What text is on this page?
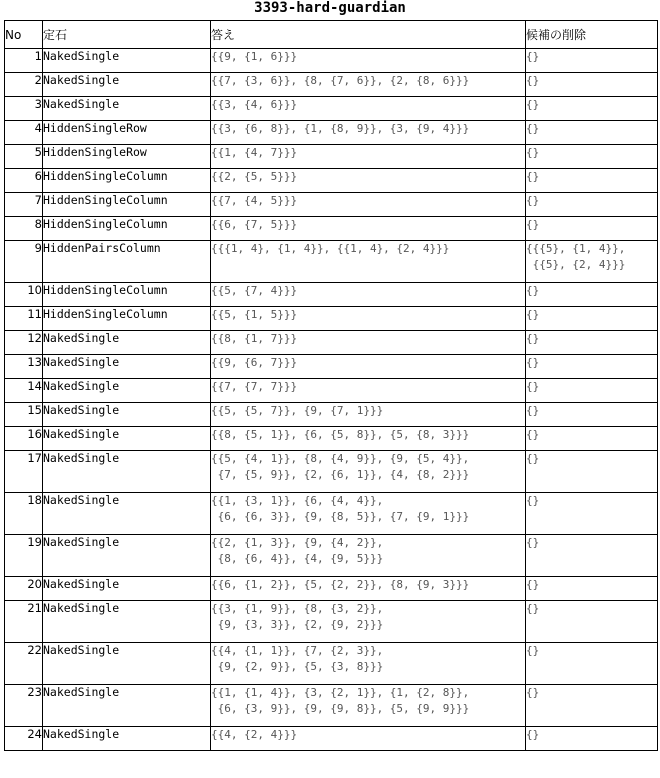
3393-hard-guardian
No	定石	答え	候補の削除
1	NakedSingle	{{9, {1, 6}}}	{}

2	NakedSingle	{{7, {3, 6}}, {8, {7, 6}}, {2, {8, 6}}}	{}

3	NakedSingle	{{3, {4, 6}}}	{}

4	HiddenSingleRow	{{3, {6, 8}}, {1, {8, 9}}, {3, {9, 4}}}	{}

5	HiddenSingleRow	{{1, {4, 7}}}	{}

6	HiddenSingleColumn	{{2, {5, 5}}}	{}

7	HiddenSingleColumn	{{7, {4, 5}}}	{}

8	HiddenSingleColumn	{{6, {7, 5}}}	{}

9	HiddenPairsColumn	{{{1, 4}, {1, 4}}, {{1, 4}, {2, 4}}}	{{{5}, {1, 4}},
{{5}, {2, 4}}}

10	HiddenSingleColumn	{{5, {7, 4}}}	{}

11	HiddenSingleColumn	{{5, {1, 5}}}	{}

12	NakedSingle	{{8, {1, 7}}}	{}

13	NakedSingle	{{9, {6, 7}}}	{}

14	NakedSingle	{{7, {7, 7}}}	{}

15	NakedSingle	{{5, {5, 7}}, {9, {7, 1}}}	{}

16	NakedSingle	{{8, {5, 1}}, {6, {5, 8}}, {5, {8, 3}}}	{}

17	NakedSingle	{{5, {4, 1}}, {8, {4, 9}}, {9, {5, 4}},
{7, {5, 9}}, {2, {6, 1}}, {4, {8, 2}}}	{}

18	NakedSingle	{{1, {3, 1}}, {6, {4, 4}},
{6, {6, 3}}, {9, {8, 5}}, {7, {9, 1}}}	{}

19	NakedSingle	{{2, {1, 3}}, {9, {4, 2}},
{8, {6, 4}}, {4, {9, 5}}}	{}

20	NakedSingle	{{6, {1, 2}}, {5, {2, 2}}, {8, {9, 3}}}	{}

21	NakedSingle	{{3, {1, 9}}, {8, {3, 2}},
{9, {3, 3}}, {2, {9, 2}}}	{}

22	NakedSingle	{{4, {1, 1}}, {7, {2, 3}},
{9, {2, 9}}, {5, {3, 8}}}	{}

23	NakedSingle	{{1, {1, 4}}, {3, {2, 1}}, {1, {2, 8}},
{6, {3, 9}}, {9, {9, 8}}, {5, {9, 9}}}	{}

24	NakedSingle	{{4, {2, 4}}}	{}
